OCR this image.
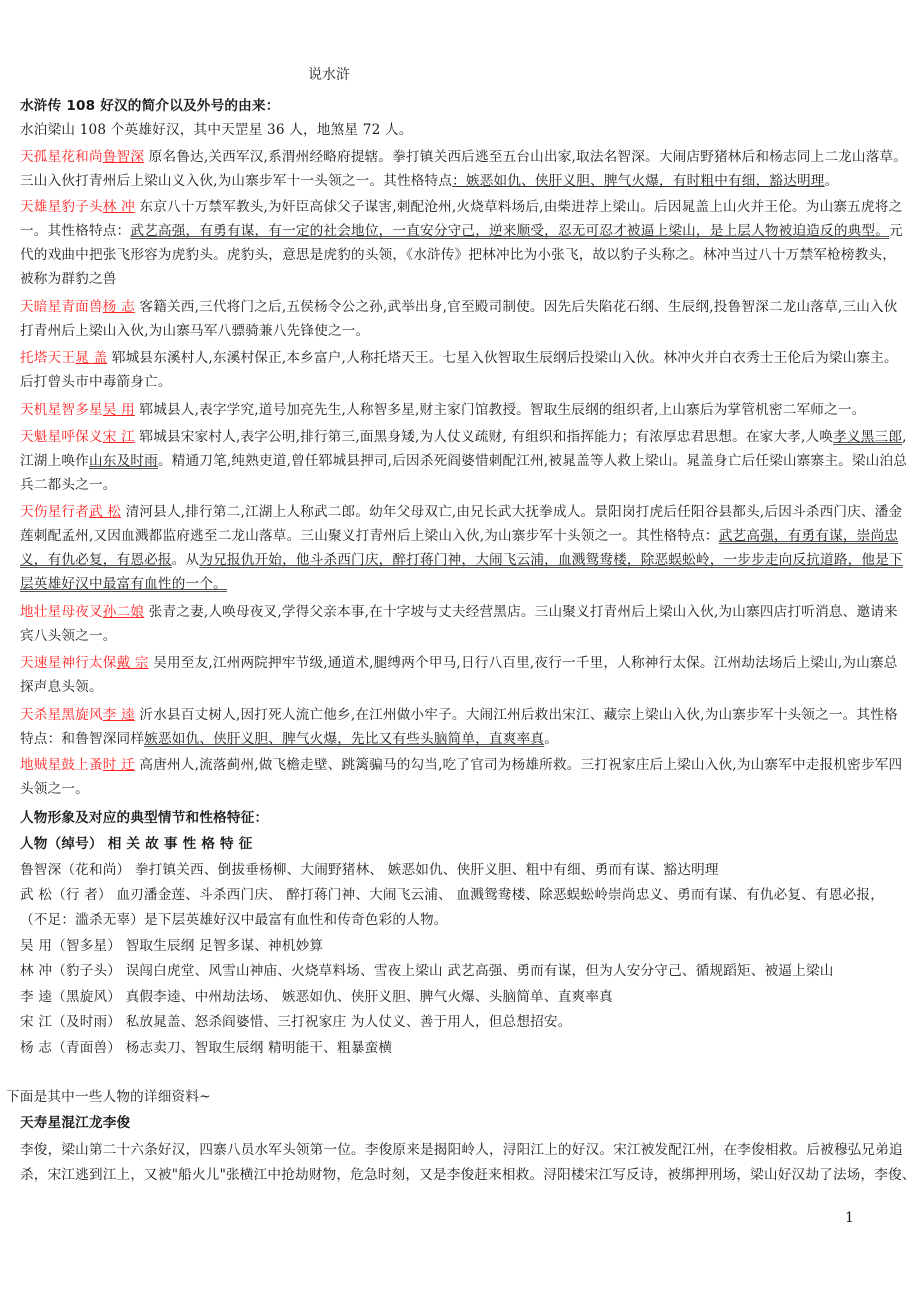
说水浒
水浒传 108 好汉的简介以及外号的由来：
水泊梁山 108 个英雄好汉，其中天罡星 36 人，地煞星 72 人。
天孤星花和尚鲁智深 原名鲁达,关西军汉,系渭州经略府提辖。拳打镇关西后逃至五台山出家,取法名智深。大闹店野猪林后和杨志同上二龙山落草。
三山入伙打青州后上梁山义入伙,为山寨步军十一头领之一。其性格特点：嫉恶如仇、侠肝义胆、脾气火爆，有时粗中有细，豁达明理。
天雄星豹子头林 冲 东京八十万禁军教头,为奸臣高俅父子谋害,刺配沧州,火烧草料场后,由柴进荐上梁山。后因晁盖上山火并王伦。为山寨五虎将之
一。其性格特点：武艺高强，有勇有谋，有一定的社会地位，一直安分守己，逆来顺受，忍无可忍才被逼上梁山，是上层人物被迫造反的典型。元
代的戏曲中把张飞形容为虎豹头。虎豹头，意思是虎豹的头领，《水浒传》把林冲比为小张飞，故以豹子头称之。林冲当过八十万禁军枪榜教头，
被称为群豹之兽
天暗星青面兽杨 志 客籍关西,三代将门之后,五侯杨令公之孙,武举出身,官至殿司制使。因先后失陷花石纲、生辰纲,投鲁智深二龙山落草,三山入伙
打青州后上梁山入伙,为山寨马军八骠骑兼八先锋使之一。
托塔天王晁 盖 郓城县东溪村人,东溪村保正,本乡富户,人称托塔天王。七星入伙智取生辰纲后投梁山入伙。林冲火并白衣秀士王伦后为梁山寨主。
后打曾头市中毒箭身亡。
天机星智多星吴 用 郓城县人,表字学究,道号加亮先生,人称智多星,财主家门馆教授。智取生辰纲的组织者,上山寨后为掌管机密二军师之一。
天魁星呼保义宋 江 郓城县宋家村人,表字公明,排行第三,面黑身矮,为人仗义疏财, 有组织和指挥能力；有浓厚忠君思想。在家大孝,人唤孝义黑三郎,
江湖上唤作山东及时雨。精通刀笔,纯熟吏道,曾任郓城县押司,后因杀死阎婆惜刺配江州,被晁盖等人救上梁山。晁盖身亡后任梁山寨寨主。梁山泊总
兵二都头之一。
天伤星行者武 松 清河县人,排行第二,江湖上人称武二郎。幼年父母双亡,由兄长武大抚拳成人。景阳岗打虎后任阳谷县都头,后因斗杀西门庆、潘金
莲刺配孟州,又因血溅都监府逃至二龙山落草。三山聚义打青州后上梁山入伙,为山寨步军十头领之一。其性格特点：武艺高强，有勇有谋，崇尚忠
义，有仇必复，有恩必报。从为兄报仇开始，他斗杀西门庆，醉打蒋门神，大闹飞云浦，血溅鸳鸯楼，除恶蜈蚣岭，一步步走向反抗道路，他是下
层英雄好汉中最富有血性的一个。
地壮星母夜叉孙二娘 张青之妻,人唤母夜叉,学得父亲本事,在十字坡与丈夫经营黑店。三山聚义打青州后上梁山入伙,为山寨四店打听消息、邀请来
宾八头领之一。
天速星神行太保戴 宗 吴用至友,江州两院押牢节级,通道术,腿缚两个甲马,日行八百里,夜行一千里，人称神行太保。江州劫法场后上梁山,为山寨总
探声息头领。
天杀星黑旋风李 逵 沂水县百丈树人,因打死人流亡他乡,在江州做小牢子。大闹江州后救出宋江、藏宗上梁山入伙,为山寨步军十头领之一。其性格
特点：和鲁智深同样嫉恶如仇、侠肝义胆、脾气火爆，先比又有些头脑简单，直爽率真。
地贼星鼓上蚤时 迁 高唐州人,流落蓟州,做飞檐走壁、跳篱骗马的勾当,吃了官司为杨雄所救。三打祝家庄后上梁山入伙,为山寨军中走报机密步军四
头领之一。
人物形象及对应的典型情节和性格特征：
人物（绰号） 相 关 故 事 性 格 特 征
鲁智深（花和尚） 拳打镇关西、倒拔垂杨柳、大闹野猪林、 嫉恶如仇、侠肝义胆、粗中有细、勇而有谋、豁达明理
武 松（行 者） 血刃潘金莲、斗杀西门庆、 醉打蒋门神、大闹飞云浦、 血溅鸳鸯楼、除恶蜈蚣岭崇尚忠义、勇而有谋、有仇必复、有恩必报，
（不足：滥杀无辜）是下层英雄好汉中最富有血性和传奇色彩的人物。
吴 用（智多星） 智取生辰纲 足智多谋、神机妙算
林 冲（豹子头） 误闯白虎堂、风雪山神庙、火烧草料场、雪夜上梁山 武艺高强、勇而有谋，但为人安分守己、循规蹈矩、被逼上梁山
李 逵（黑旋风） 真假李逵、中州劫法场、 嫉恶如仇、侠肝义胆、脾气火爆、头脑简单、直爽率真
宋 江（及时雨） 私放晁盖、怒杀阎婆惜、三打祝家庄 为人仗义、善于用人，但总想招安。
杨 志（青面兽） 杨志卖刀、智取生辰纲 精明能干、粗暴蛮横
下面是其中一些人物的详细资料~
天寿星混江龙李俊
李俊，梁山第二十六条好汉，四寨八员水军头领第一位。李俊原来是揭阳岭人，浔阳江上的好汉。宋江被发配江州，在李俊相救。后被穆弘兄弟追
杀，宋江逃到江上，又被"船火儿"张横江中抢劫财物，危急时刻，又是李俊赶来相救。浔阳楼宋江写反诗，被绑押刑场，梁山好汉劫了法场，李俊、
1
